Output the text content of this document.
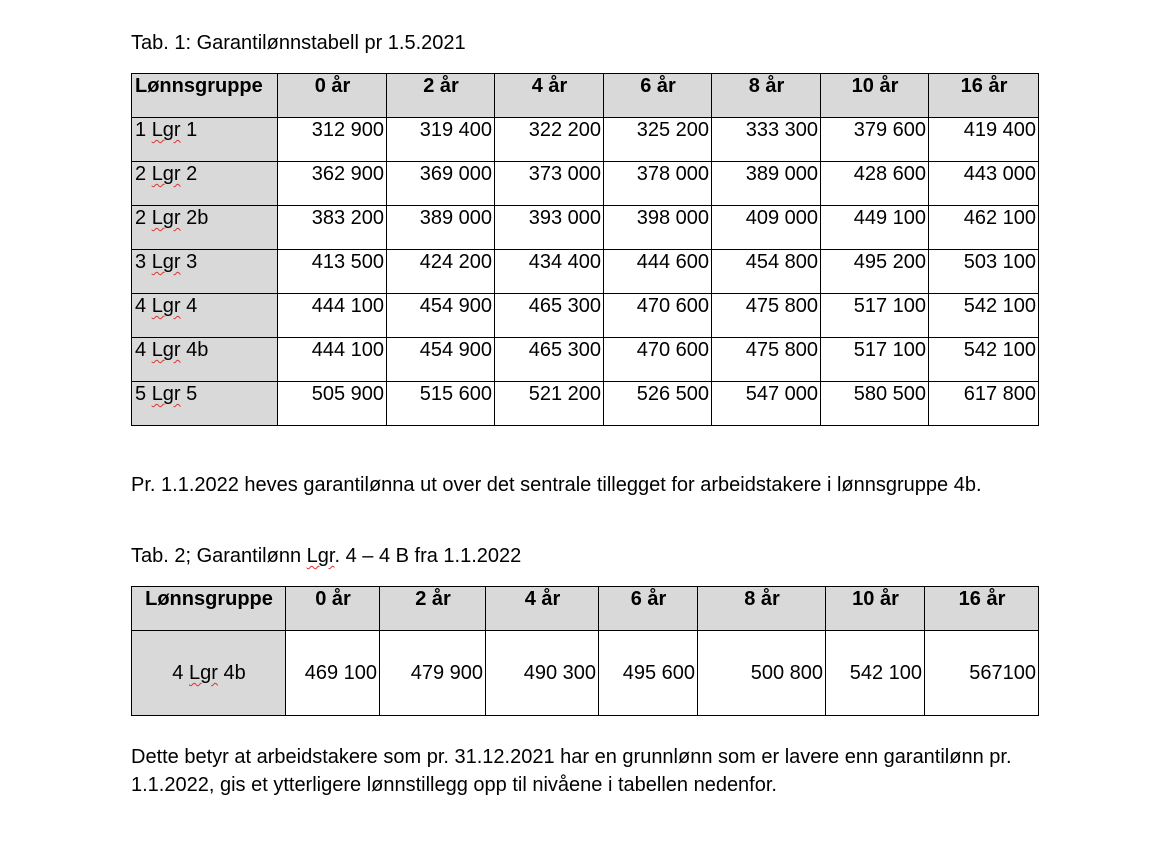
Tab. 1: Garantilønnstabell pr 1.5.2021
Lønnsgruppe	0 år	2 år	4 år	6 år	8 år	10 år	16 år
1 Lgr 1	312 900	319 400	322 200	325 200	333 300	379 600	419 400
2 Lgr 2	362 900	369 000	373 000	378 000	389 000	428 600	443 000
2 Lgr 2b	383 200	389 000	393 000	398 000	409 000	449 100	462 100
3 Lgr 3	413 500	424 200	434 400	444 600	454 800	495 200	503 100
4 Lgr 4	444 100	454 900	465 300	470 600	475 800	517 100	542 100
4 Lgr 4b	444 100	454 900	465 300	470 600	475 800	517 100	542 100
5 Lgr 5	505 900	515 600	521 200	526 500	547 000	580 500	617 800
Pr. 1.1.2022 heves garantilønna ut over det sentrale tillegget for arbeidstakere i lønnsgruppe 4b.
Tab. 2; Garantilønn Lgr. 4 – 4 B fra 1.1.2022
Lønnsgruppe	0 år	2 år	4 år	6 år	8 år	10 år	16 år
4 Lgr 4b	469 100	479 900	490 300	495 600	500 800	542 100	567100
Dette betyr at arbeidstakere som pr. 31.12.2021 har en grunnlønn som er lavere enn garantilønn pr. 1.1.2022, gis et ytterligere lønnstillegg opp til nivåene i tabellen nedenfor.
